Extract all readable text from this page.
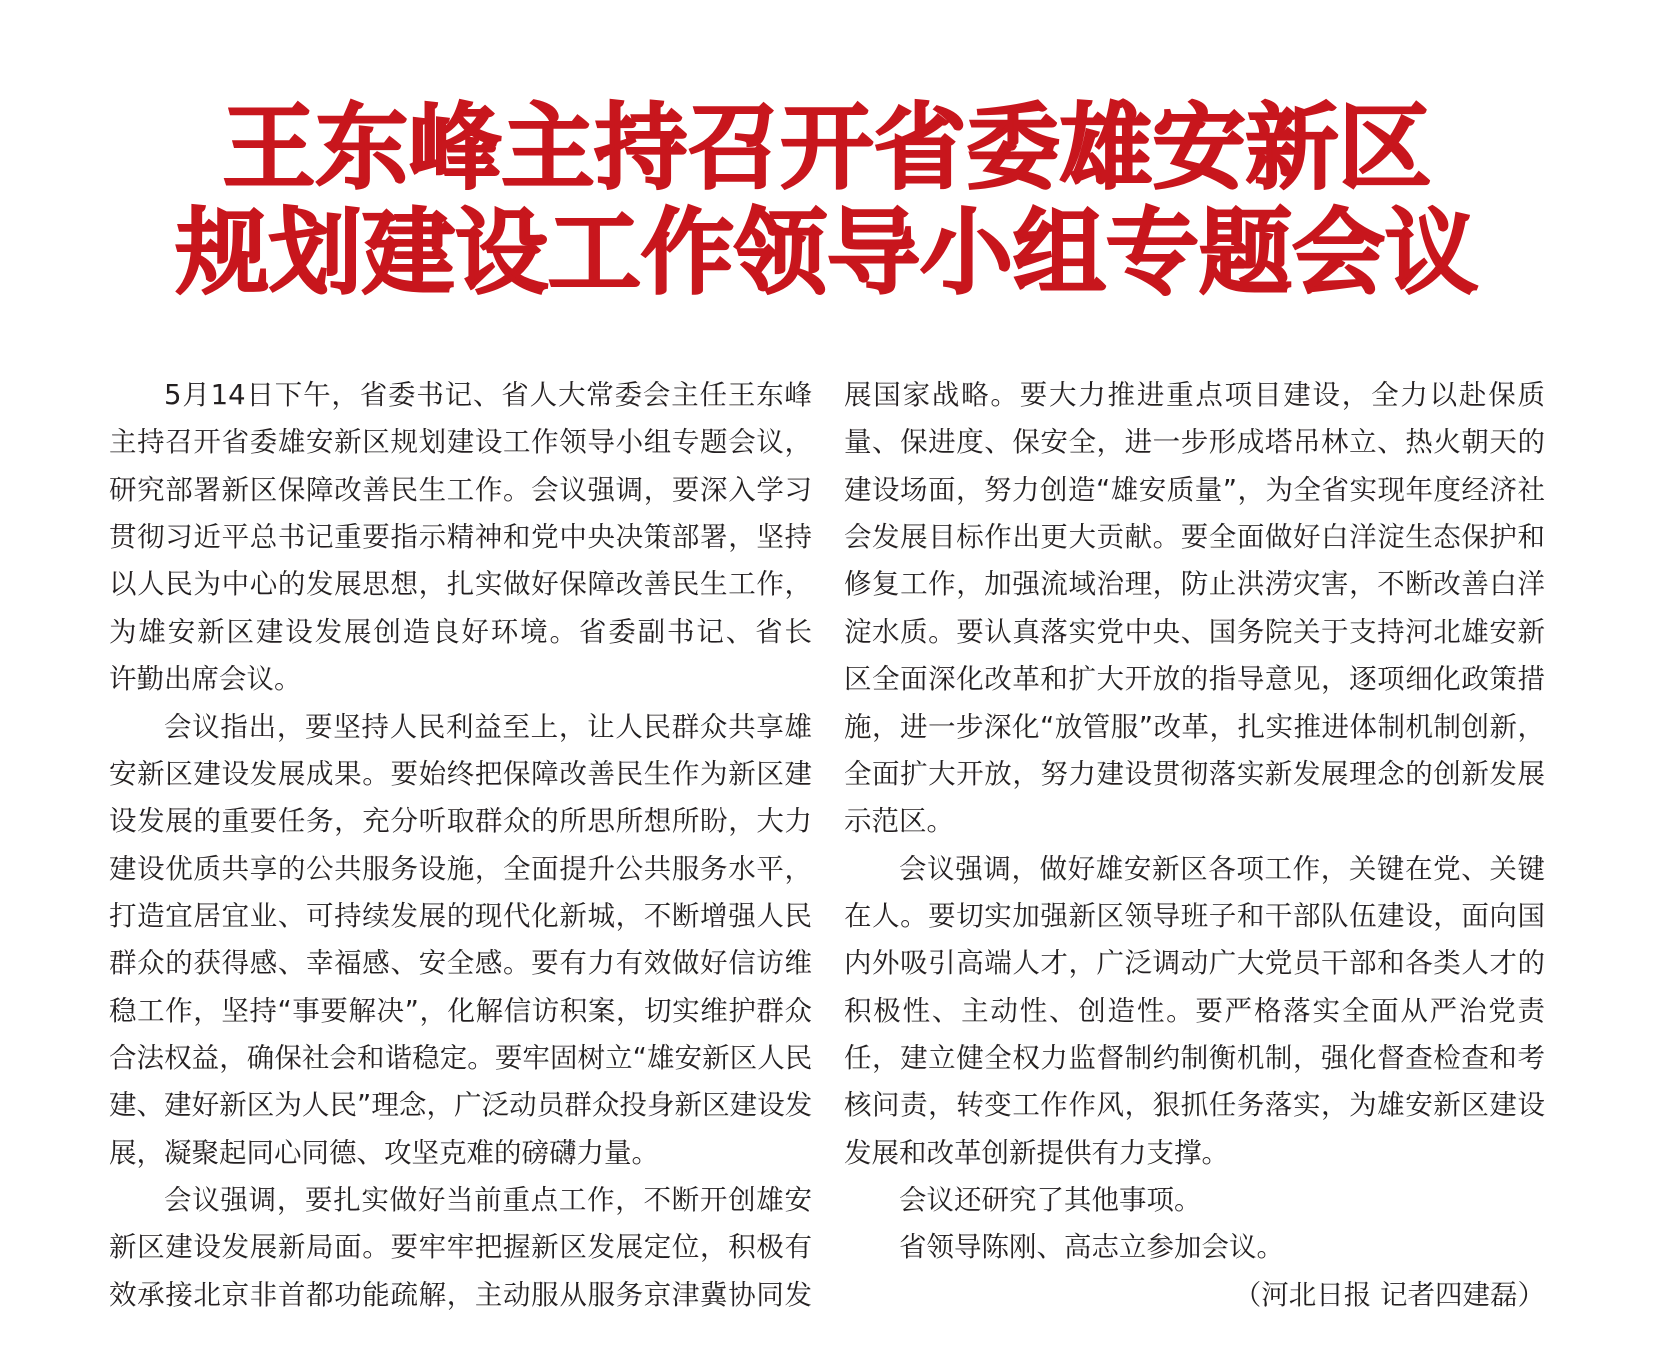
王东峰主持召开省委雄安新区
规划建设工作领导小组专题会议
5月14日下午，省委书记、省人大常委会主任王东峰
主持召开省委雄安新区规划建设工作领导小组专题会议，
研究部署新区保障改善民生工作。会议强调，要深入学习
贯彻习近平总书记重要指示精神和党中央决策部署，坚持
以人民为中心的发展思想，扎实做好保障改善民生工作，
为雄安新区建设发展创造良好环境。省委副书记、省长
许勤出席会议。
会议指出，要坚持人民利益至上，让人民群众共享雄
安新区建设发展成果。要始终把保障改善民生作为新区建
设发展的重要任务，充分听取群众的所思所想所盼，大力
建设优质共享的公共服务设施，全面提升公共服务水平，
打造宜居宜业、可持续发展的现代化新城，不断增强人民
群众的获得感、幸福感、安全感。要有力有效做好信访维
稳工作，坚持“事要解决”，化解信访积案，切实维护群众
合法权益，确保社会和谐稳定。要牢固树立“雄安新区人民
建、建好新区为人民”理念，广泛动员群众投身新区建设发
展，凝聚起同心同德、攻坚克难的磅礴力量。
会议强调，要扎实做好当前重点工作，不断开创雄安
新区建设发展新局面。要牢牢把握新区发展定位，积极有
效承接北京非首都功能疏解，主动服从服务京津冀协同发
展国家战略。要大力推进重点项目建设，全力以赴保质
量、保进度、保安全，进一步形成塔吊林立、热火朝天的
建设场面，努力创造“雄安质量”，为全省实现年度经济社
会发展目标作出更大贡献。要全面做好白洋淀生态保护和
修复工作，加强流域治理，防止洪涝灾害，不断改善白洋
淀水质。要认真落实党中央、国务院关于支持河北雄安新
区全面深化改革和扩大开放的指导意见，逐项细化政策措
施，进一步深化“放管服”改革，扎实推进体制机制创新，
全面扩大开放，努力建设贯彻落实新发展理念的创新发展
示范区。
会议强调，做好雄安新区各项工作，关键在党、关键
在人。要切实加强新区领导班子和干部队伍建设，面向国
内外吸引高端人才，广泛调动广大党员干部和各类人才的
积极性、主动性、创造性。要严格落实全面从严治党责
任，建立健全权力监督制约制衡机制，强化督查检查和考
核问责，转变工作作风，狠抓任务落实，为雄安新区建设
发展和改革创新提供有力支撑。
会议还研究了其他事项。
省领导陈刚、高志立参加会议。
（河北日报 记者四建磊）
